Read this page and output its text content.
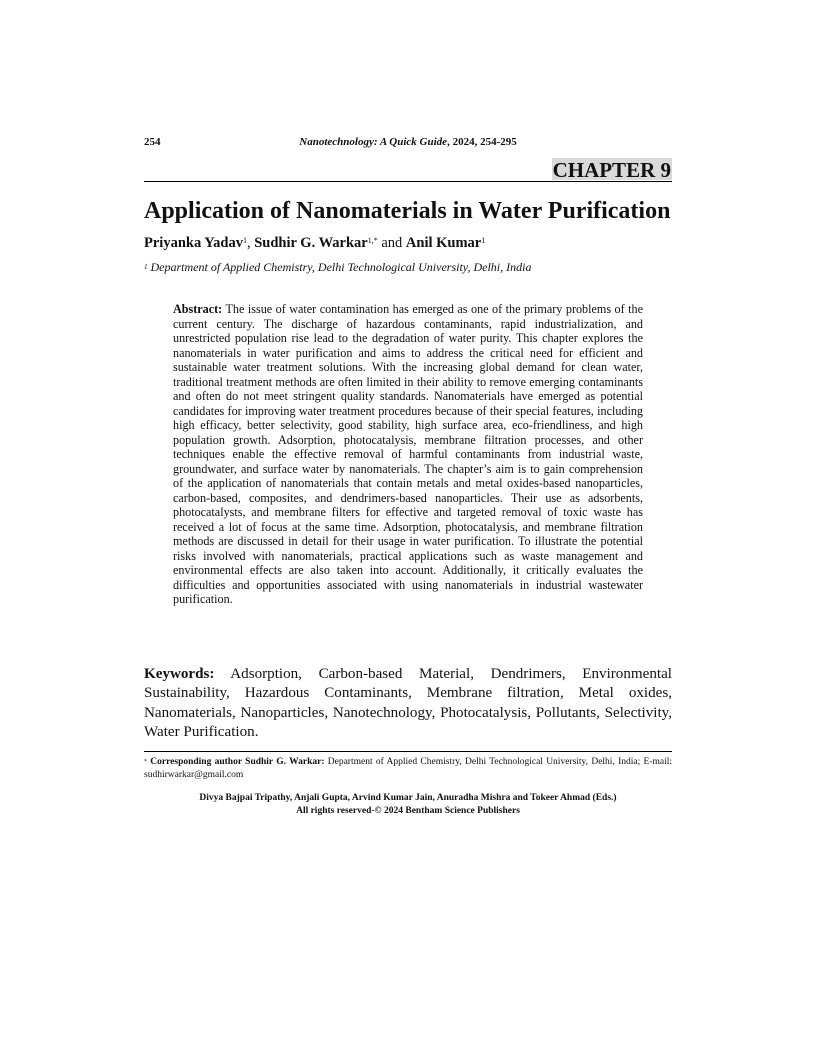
254	Nanotechnology: A Quick Guide, 2024, 254-295
CHAPTER 9
Application of Nanomaterials in Water Purification
Priyanka Yadav$^1$, Sudhir G. Warkar$^{1,*}$ and Anil Kumar$^1$
$^1$ Department of Applied Chemistry, Delhi Technological University, Delhi, India

Abstract: The issue of water contamination has emerged as one of the primary problems of the current century. The discharge of hazardous contaminants, rapid industrialization, and unrestricted population rise lead to the degradation of water purity. This chapter explores the nanomaterials in water purification and aims to address the critical need for efficient and sustainable water treatment solutions. With the increasing global demand for clean water, traditional treatment methods are often limited in their ability to remove emerging contaminants and often do not meet stringent quality standards. Nanomaterials have emerged as potential candidates for improving water treatment procedures because of their special features, including high efficacy, better selectivity, good stability, high surface area, eco-friendliness, and high population growth. Adsorption, photocatalysis, membrane filtration processes, and other techniques enable the effective removal of harmful contaminants from industrial waste, groundwater, and surface water by nanomaterials. The chapter’s aim is to gain comprehension of the application of nanomaterials that contain metals and metal oxides-based nanoparticles, carbon-based, composites, and dendrimers-based nanoparticles. Their use as adsorbents, photocatalysts, and membrane filters for effective and targeted removal of toxic waste has received a lot of focus at the same time. Adsorption, photocatalysis, and membrane filtration methods are discussed in detail for their usage in water purification. To illustrate the potential risks involved with nanomaterials, practical applications such as waste management and environmental effects are also taken into account. Additionally, it critically evaluates the difficulties and opportunities associated with using nanomaterials in industrial wastewater purification.

Keywords: Adsorption, Carbon-based Material, Dendrimers, Environmental Sustainability, Hazardous Contaminants, Membrane filtration, Metal oxides, Nanomaterials, Nanoparticles, Nanotechnology, Photocatalysis, Pollutants, Selectivity, Water Purification.

* Corresponding author Sudhir G. Warkar: Department of Applied Chemistry, Delhi Technological University, Delhi, India; E-mail: sudhirwarkar@gmail.com

Divya Bajpai Tripathy, Anjali Gupta, Arvind Kumar Jain, Anuradha Mishra and Tokeer Ahmad (Eds.)
All rights reserved-© 2024 Bentham Science Publishers
